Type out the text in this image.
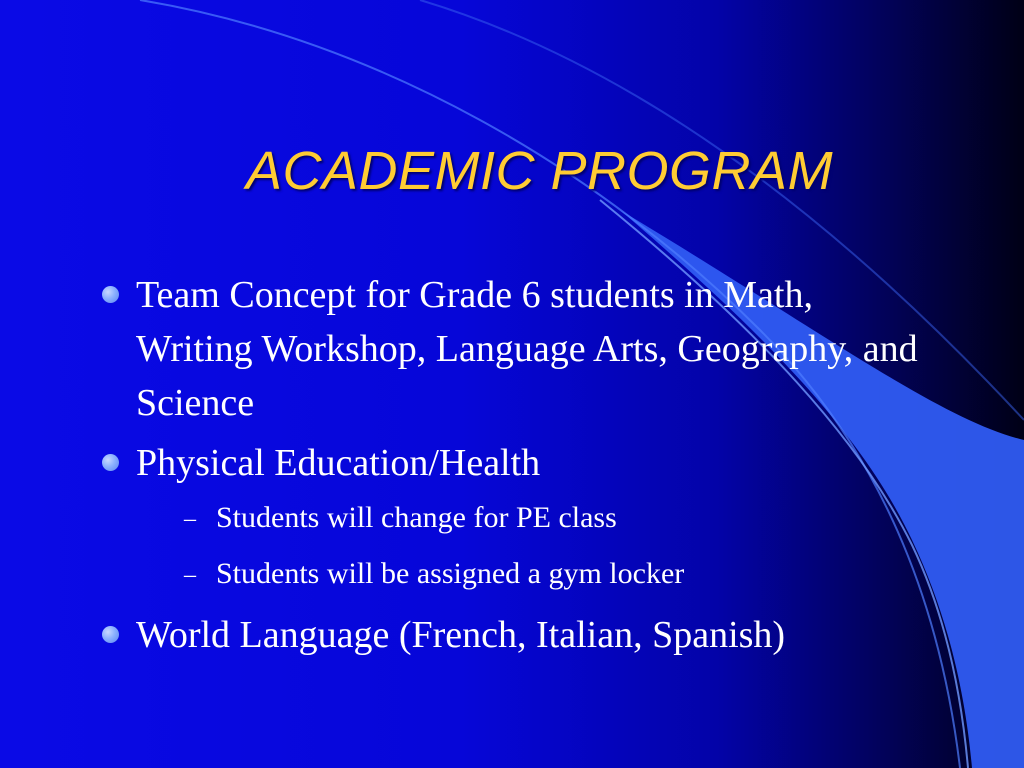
ACADEMIC PROGRAM
Team Concept for Grade 6 students in Math, Writing Workshop, Language Arts, Geography, and Science
Physical Education/Health
– Students will change for PE class
– Students will be assigned a gym locker
World Language (French, Italian, Spanish)
